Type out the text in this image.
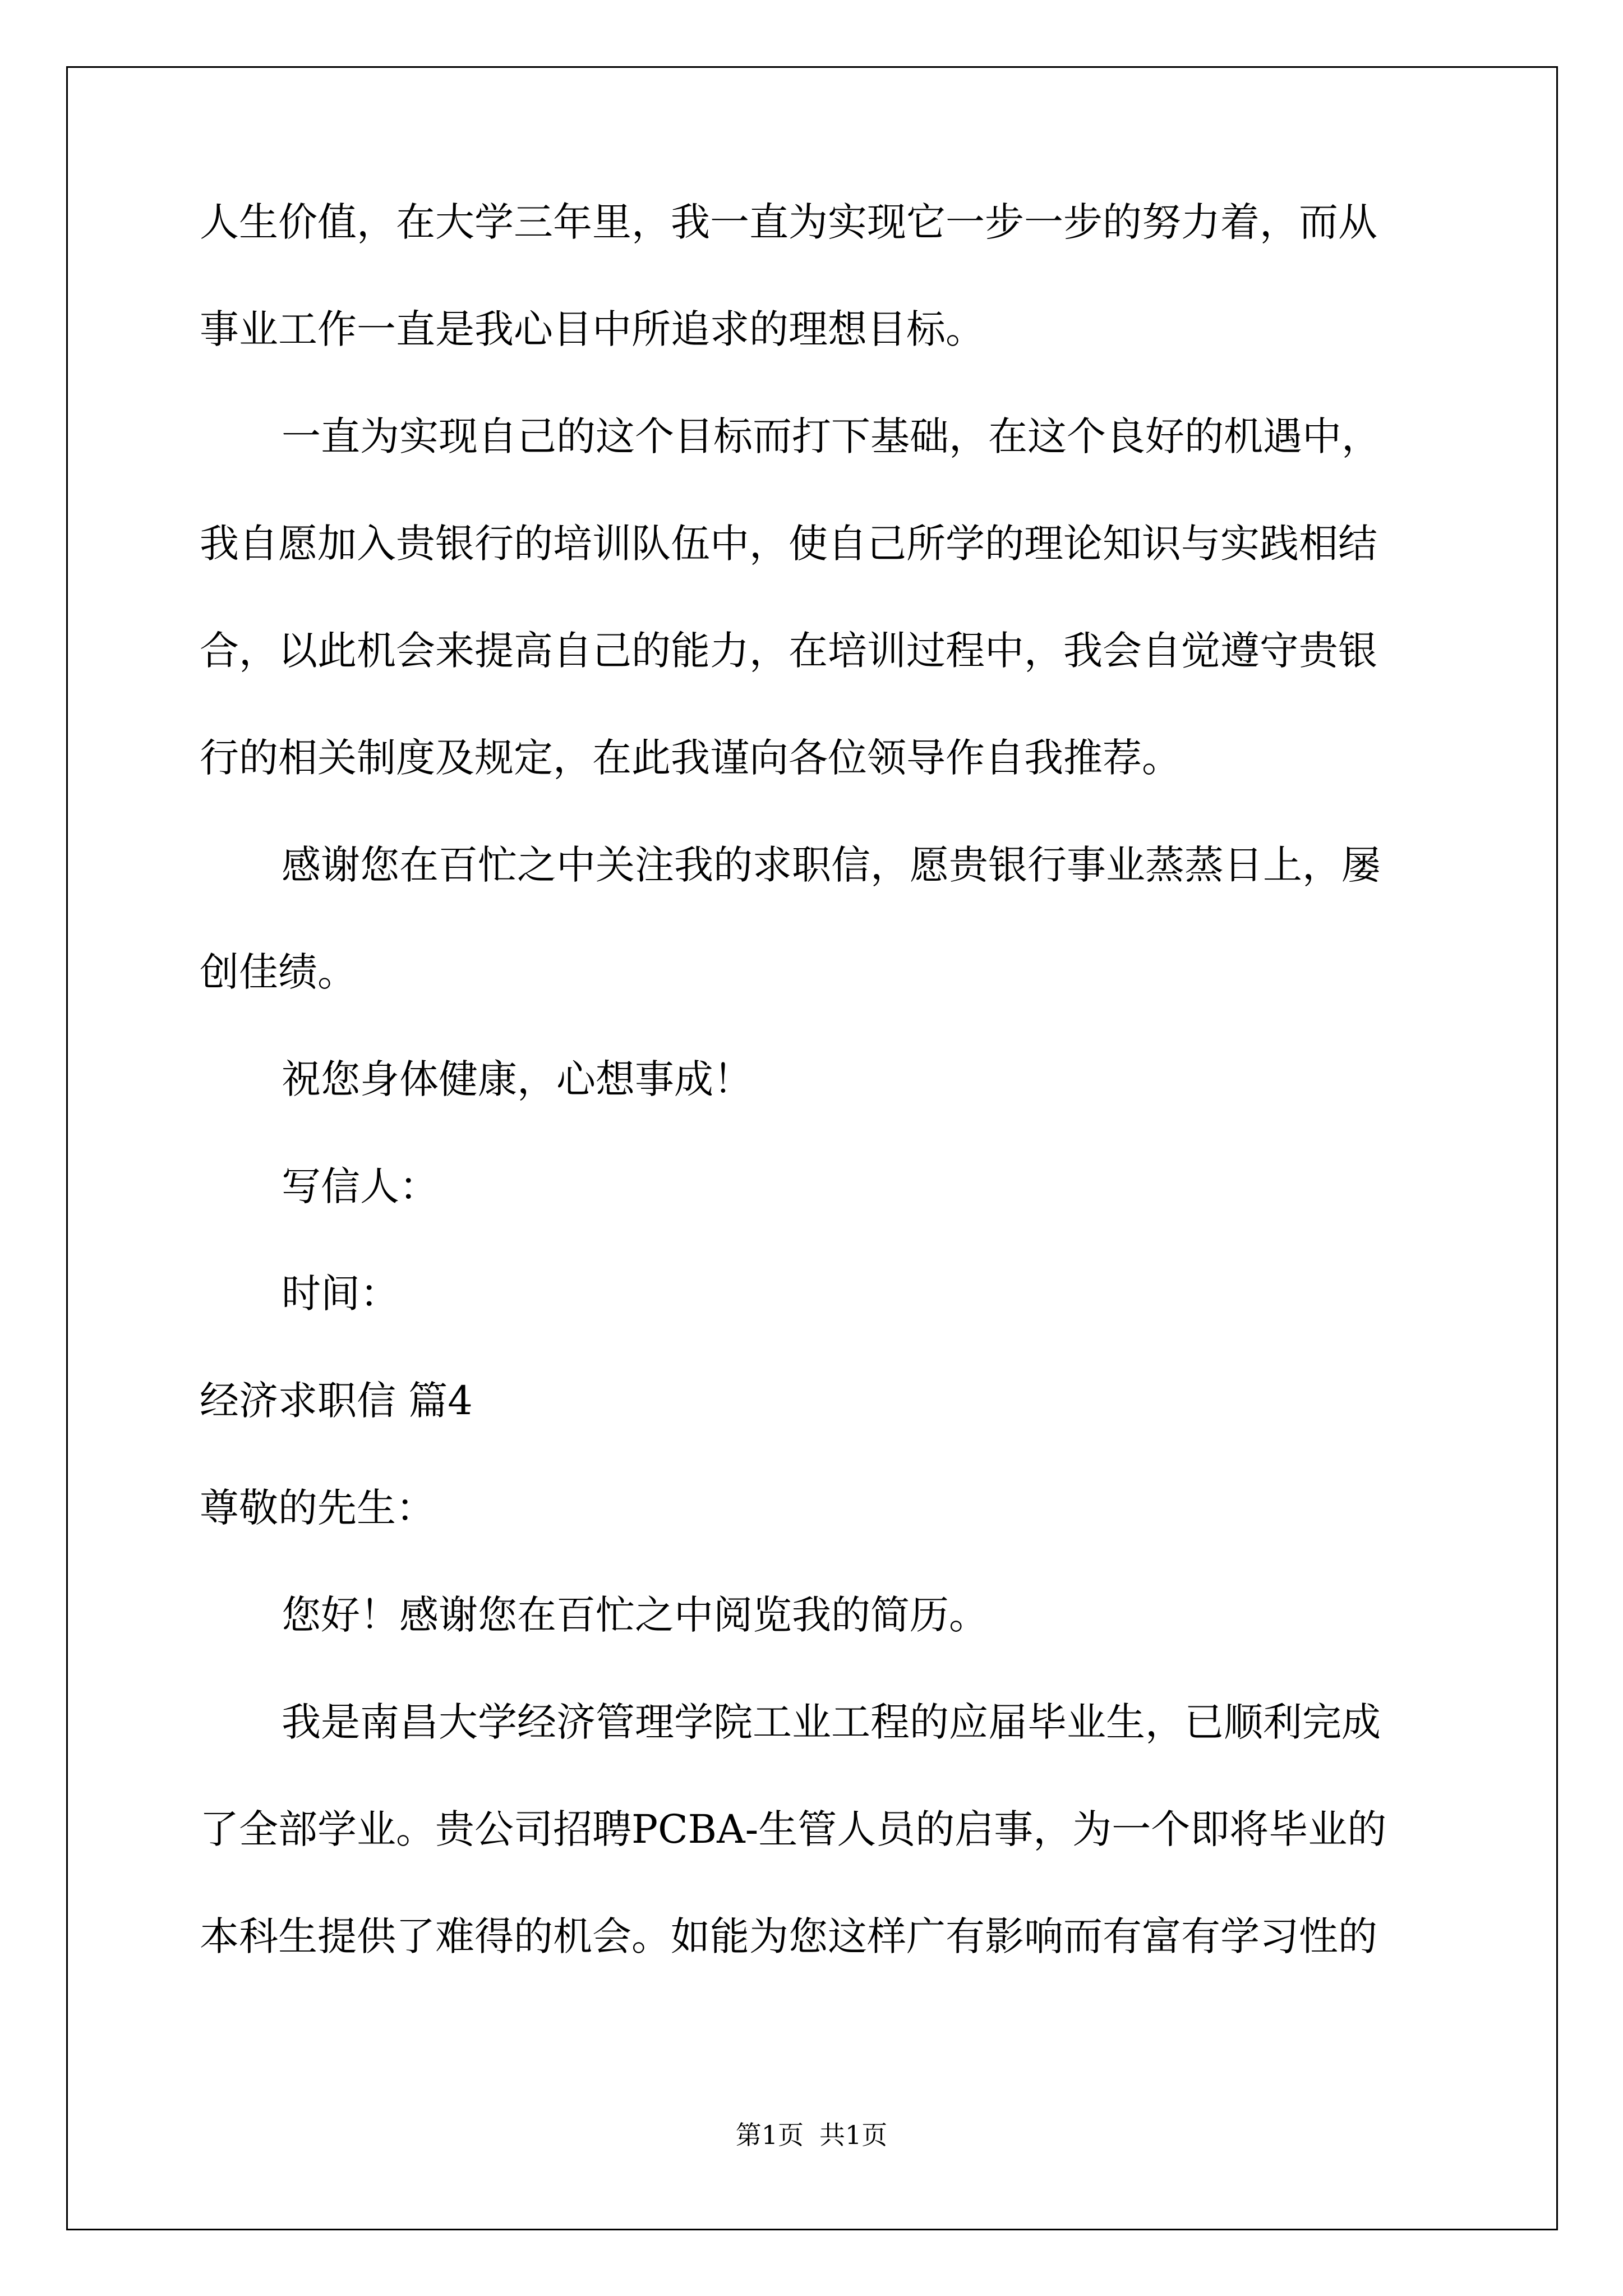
人生价值，在大学三年里，我一直为实现它一步一步的努力着，而从
事业工作一直是我心目中所追求的理想目标。
一直为实现自己的这个目标而打下基础，在这个良好的机遇中，
我自愿加入贵银行的培训队伍中，使自己所学的理论知识与实践相结
合，以此机会来提高自己的能力，在培训过程中，我会自觉遵守贵银
行的相关制度及规定，在此我谨向各位领导作自我推荐。
感谢您在百忙之中关注我的求职信，愿贵银行事业蒸蒸日上，屡
创佳绩。
祝您身体健康，心想事成！
写信人：
时间：
经济求职信 篇4
尊敬的先生：
您好！感谢您在百忙之中阅览我的简历。
我是南昌大学经济管理学院工业工程的应届毕业生，已顺利完成
了全部学业。贵公司招聘PCBA-生管人员的启事，为一个即将毕业的
本科生提供了难得的机会。如能为您这样广有影响而有富有学习性的
第1页 共1页
